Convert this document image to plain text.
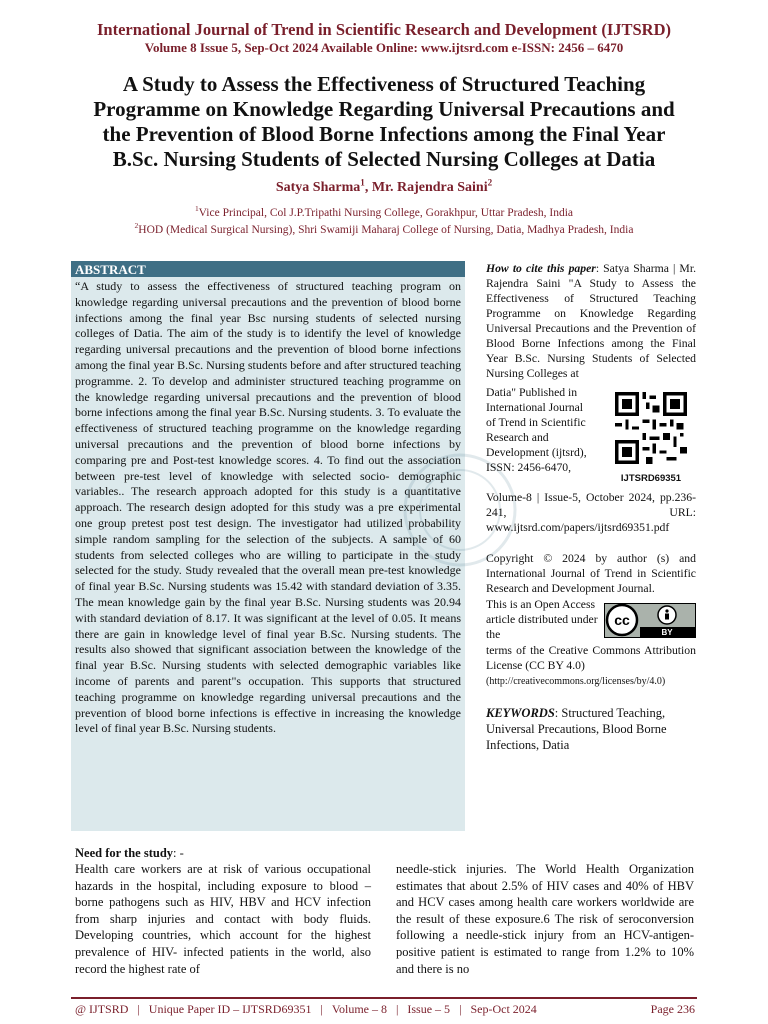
International Journal of Trend in Scientific Research and Development (IJTSRD)
Volume 8 Issue 5, Sep-Oct 2024 Available Online: www.ijtsrd.com e-ISSN: 2456 – 6470
A Study to Assess the Effectiveness of Structured Teaching
Programme on Knowledge Regarding Universal Precautions and
the Prevention of Blood Borne Infections among the Final Year
B.Sc. Nursing Students of Selected Nursing Colleges at Datia
Satya Sharma$^1$, Mr. Rajendra Saini$^2$
$^1$Vice Principal, Col J.P.Tripathi Nursing College, Gorakhpur, Uttar Pradesh, India
$^2$HOD (Medical Surgical Nursing), Shri Swamiji Maharaj College of Nursing, Datia, Madhya Pradesh, India
ABSTRACT
“A study to assess the effectiveness of structured teaching program on knowledge regarding universal precautions and the prevention of blood borne infections among the final year Bsc nursing students of selected nursing colleges of Datia. The aim of the study is to identify the level of knowledge regarding universal precautions and the prevention of blood borne infections among the final year B.Sc. Nursing students before and after structured teaching programme. 2. To develop and administer structured teaching programme on the knowledge regarding universal precautions and the prevention of blood borne infections among the final year B.Sc. Nursing students. 3. To evaluate the effectiveness of structured teaching programme on the knowledge regarding universal precautions and the prevention of blood borne infections by comparing pre and Post-test knowledge scores. 4. To find out the association between pre-test level of knowledge with selected socio- demographic variables.. The research approach adopted for this study is a quantitative approach. The research design adopted for this study was a pre experimental one group pretest post test design. The investigator had utilized probability simple random sampling for the selection of the subjects. A sample of 60 students from selected colleges who are willing to participate in the study selected for the study. Study revealed that the overall mean pre-test knowledge of final year B.Sc. Nursing students was 15.42 with standard deviation of 3.35. The mean knowledge gain by the final year B.Sc. Nursing students was 20.94 with standard deviation of 8.17. It was significant at the level of 0.05. It means there are gain in knowledge level of final year B.Sc. Nursing students. The results also showed that significant association between the knowledge of the final year B.Sc. Nursing students with selected demographic variables like income of parents and parent"s occupation. This supports that structured teaching programme on knowledge regarding universal precautions and the prevention of blood borne infections is effective in increasing the knowledge level of final year B.Sc. Nursing students.
How to cite this paper: Satya Sharma | Mr. Rajendra Saini "A Study to Assess the Effectiveness of Structured Teaching Programme on Knowledge Regarding Universal Precautions and the Prevention of Blood Borne Infections among the Final Year B.Sc. Nursing Students of Selected Nursing Colleges at
Datia" Published in International Journal of Trend in Scientific Research and Development (ijtsrd), ISSN: 2456-6470,
IJTSRD69351
Volume-8 | Issue-5, October 2024, pp.236-241, URL: www.ijtsrd.com/papers/ijtsrd69351.pdf
Copyright © 2024 by author (s) and International Journal of Trend in Scientific Research and Development Journal.
This is an Open Access article distributed under the
cc
BY
terms of the Creative Commons Attribution License (CC BY 4.0)
(http://creativecommons.org/licenses/by/4.0)
KEYWORDS: Structured Teaching, Universal Precautions, Blood Borne Infections, Datia
Need for the study: -
Health care workers are at risk of various occupational hazards in the hospital, including exposure to blood – borne pathogens such as HIV, HBV and HCV infection from sharp injuries and contact with body fluids. Developing countries, which account for the highest prevalence of HIV- infected patients in the world, also record the highest rate of
needle-stick injuries. The World Health Organization estimates that about 2.5% of HIV cases and 40% of HBV and HCV cases among health care workers worldwide are the result of these exposure.6 The risk of seroconversion following a needle-stick injury from an HCV-antigen-positive patient is estimated to range from 1.2% to 10% and there is no
@ IJTSRD | Unique Paper ID – IJTSRD69351 | Volume – 8 | Issue – 5 | Sep-Oct 2024	Page 236
